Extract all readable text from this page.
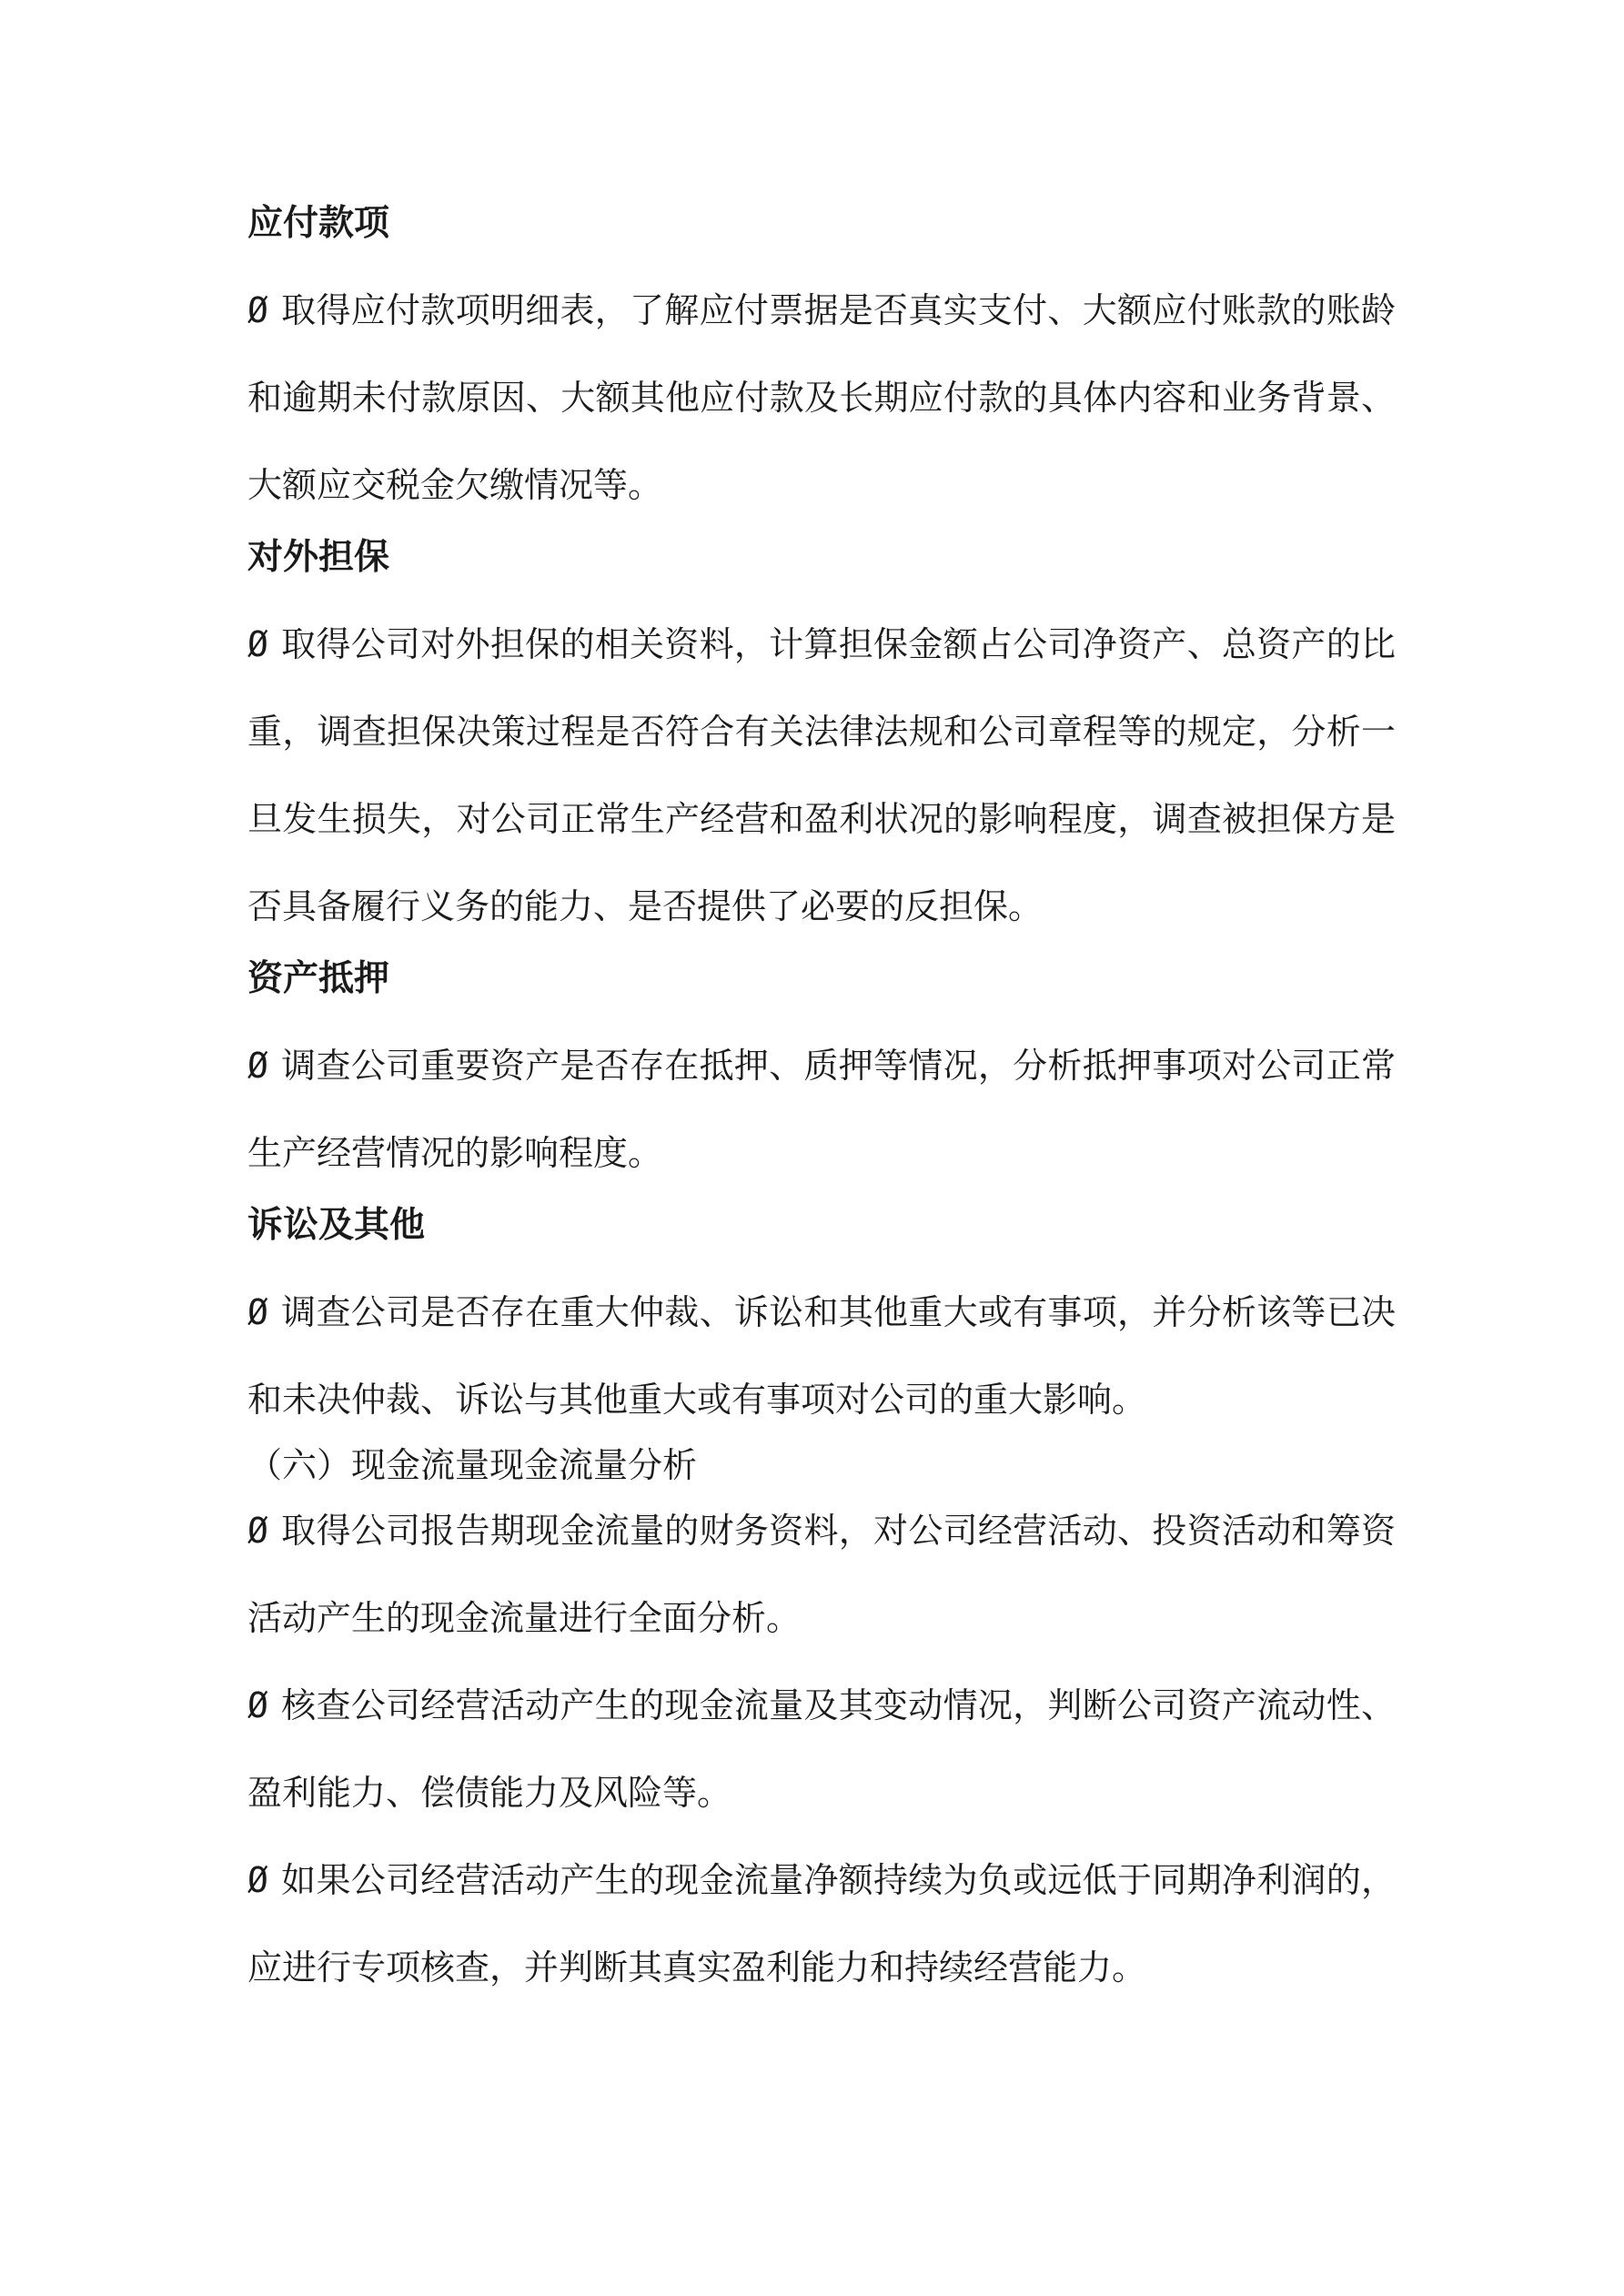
应付款项

Ø 取得应付款项明细表，了解应付票据是否真实支付、大额应付账款的账龄和逾期未付款原因、大额其他应付款及长期应付款的具体内容和业务背景、大额应交税金欠缴情况等。

对外担保

Ø 取得公司对外担保的相关资料，计算担保金额占公司净资产、总资产的比重，调查担保决策过程是否符合有关法律法规和公司章程等的规定，分析一旦发生损失，对公司正常生产经营和盈利状况的影响程度，调查被担保方是否具备履行义务的能力、是否提供了必要的反担保。

资产抵押

Ø 调查公司重要资产是否存在抵押、质押等情况，分析抵押事项对公司正常生产经营情况的影响程度。

诉讼及其他

Ø 调查公司是否存在重大仲裁、诉讼和其他重大或有事项，并分析该等已决和未决仲裁、诉讼与其他重大或有事项对公司的重大影响。

（六）现金流量现金流量分析

Ø 取得公司报告期现金流量的财务资料，对公司经营活动、投资活动和筹资活动产生的现金流量进行全面分析。

Ø 核查公司经营活动产生的现金流量及其变动情况，判断公司资产流动性、盈利能力、偿债能力及风险等。

Ø 如果公司经营活动产生的现金流量净额持续为负或远低于同期净利润的，应进行专项核查，并判断其真实盈利能力和持续经营能力。
